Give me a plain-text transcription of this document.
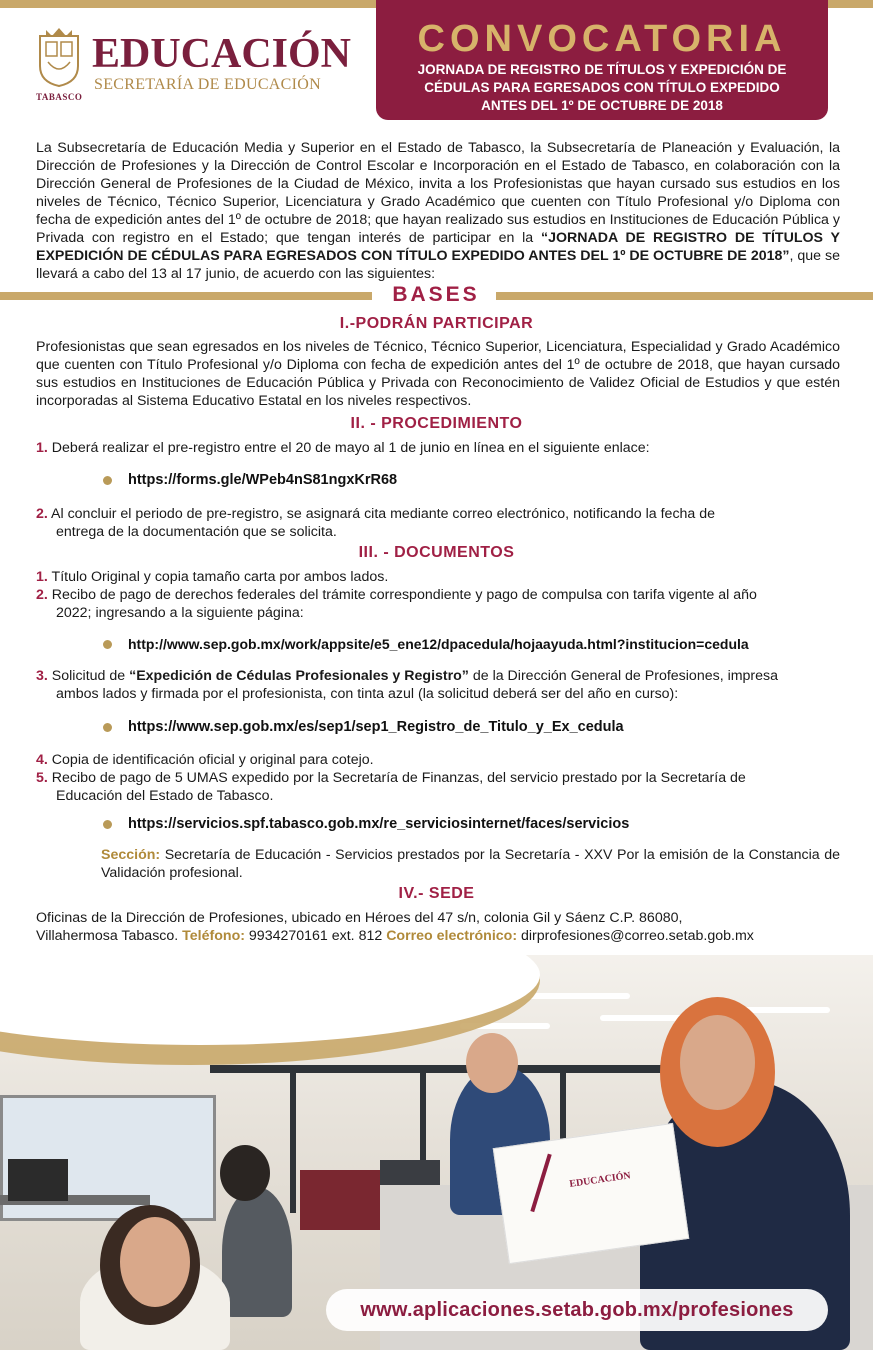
TABASCO
EDUCACIÓN
SECRETARÍA DE EDUCACIÓN
CONVOCATORIA
JORNADA DE REGISTRO DE TÍTULOS Y EXPEDICIÓN DE
CÉDULAS PARA EGRESADOS CON TÍTULO EXPEDIDO
ANTES DEL 1º DE OCTUBRE DE 2018

La Subsecretaría de Educación Media y Superior en el Estado de Tabasco, la Subsecretaría de Planeación y Evaluación, la Dirección de Profesiones y la Dirección de Control Escolar e Incorporación en el Estado de Tabasco, en colaboración con la Dirección General de Profesiones de la Ciudad de México, invita a los Profesionistas que hayan cursado sus estudios en los niveles de Técnico, Técnico Superior, Licenciatura y Grado Académico que cuenten con Título Profesional y/o Diploma con fecha de expedición antes del 1º de octubre de 2018; que hayan realizado sus estudios en Instituciones de Educación Pública y Privada con registro en el Estado; que tengan interés de participar en la “JORNADA DE REGISTRO DE TÍTULOS Y EXPEDICIÓN DE CÉDULAS PARA EGRESADOS CON TÍTULO EXPEDIDO ANTES DEL 1º DE OCTUBRE DE 2018”, que se llevará a cabo del 13 al 17 junio, de acuerdo con las siguientes:

BASES
I.-PODRÁN PARTICIPAR

Profesionistas que sean egresados en los niveles de Técnico, Técnico Superior, Licenciatura, Especialidad y Grado Académico que cuenten con Título Profesional y/o Diploma con fecha de expedición antes del 1º de octubre de 2018, que hayan cursado sus estudios en Instituciones de Educación Pública y Privada con Reconocimiento de Validez Oficial de Estudios y que estén incorporadas al Sistema Educativo Estatal en los niveles respectivos.

II. - PROCEDIMIENTO
1. Deberá realizar el pre-registro entre el 20 de mayo al 1 de junio en línea en el siguiente enlace:
https://forms.gle/WPeb4nS81ngxKrR68
2. Al concluir el periodo de pre-registro, se asignará cita mediante correo electrónico, notificando la fecha de
entrega de la documentación que se solicita.
III. - DOCUMENTOS
1. Título Original y copia tamaño carta por ambos lados.
2. Recibo de pago de derechos federales del trámite correspondiente y pago de compulsa con tarifa vigente al año
2022; ingresando a la siguiente página:
http://www.sep.gob.mx/work/appsite/e5_ene12/dpacedula/hojaayuda.html?institucion=cedula
3. Solicitud de “Expedición de Cédulas Profesionales y Registro” de la Dirección General de Profesiones, impresa
ambos lados y firmada por el profesionista, con tinta azul (la solicitud deberá ser del año en curso):
https://www.sep.gob.mx/es/sep1/sep1_Registro_de_Titulo_y_Ex_cedula
4. Copia de identificación oficial y original para cotejo.
5. Recibo de pago de 5 UMAS expedido por la Secretaría de Finanzas, del servicio prestado por la Secretaría de
Educación del Estado de Tabasco.
https://servicios.spf.tabasco.gob.mx/re_serviciosinternet/faces/servicios

Sección: Secretaría de Educación - Servicios prestados por la Secretaría - XXV Por la emisión de la Constancia de Validación profesional.

IV.- SEDE

Oficinas de la Dirección de Profesiones, ubicado en Héroes del 47 s/n, colonia Gil y Sáenz C.P. 86080,
Villahermosa Tabasco. Teléfono: 9934270161 ext. 812 Correo electrónico: dirprofesiones@correo.setab.gob.mx

EDUCACIÓN
www.aplicaciones.setab.gob.mx/profesiones
